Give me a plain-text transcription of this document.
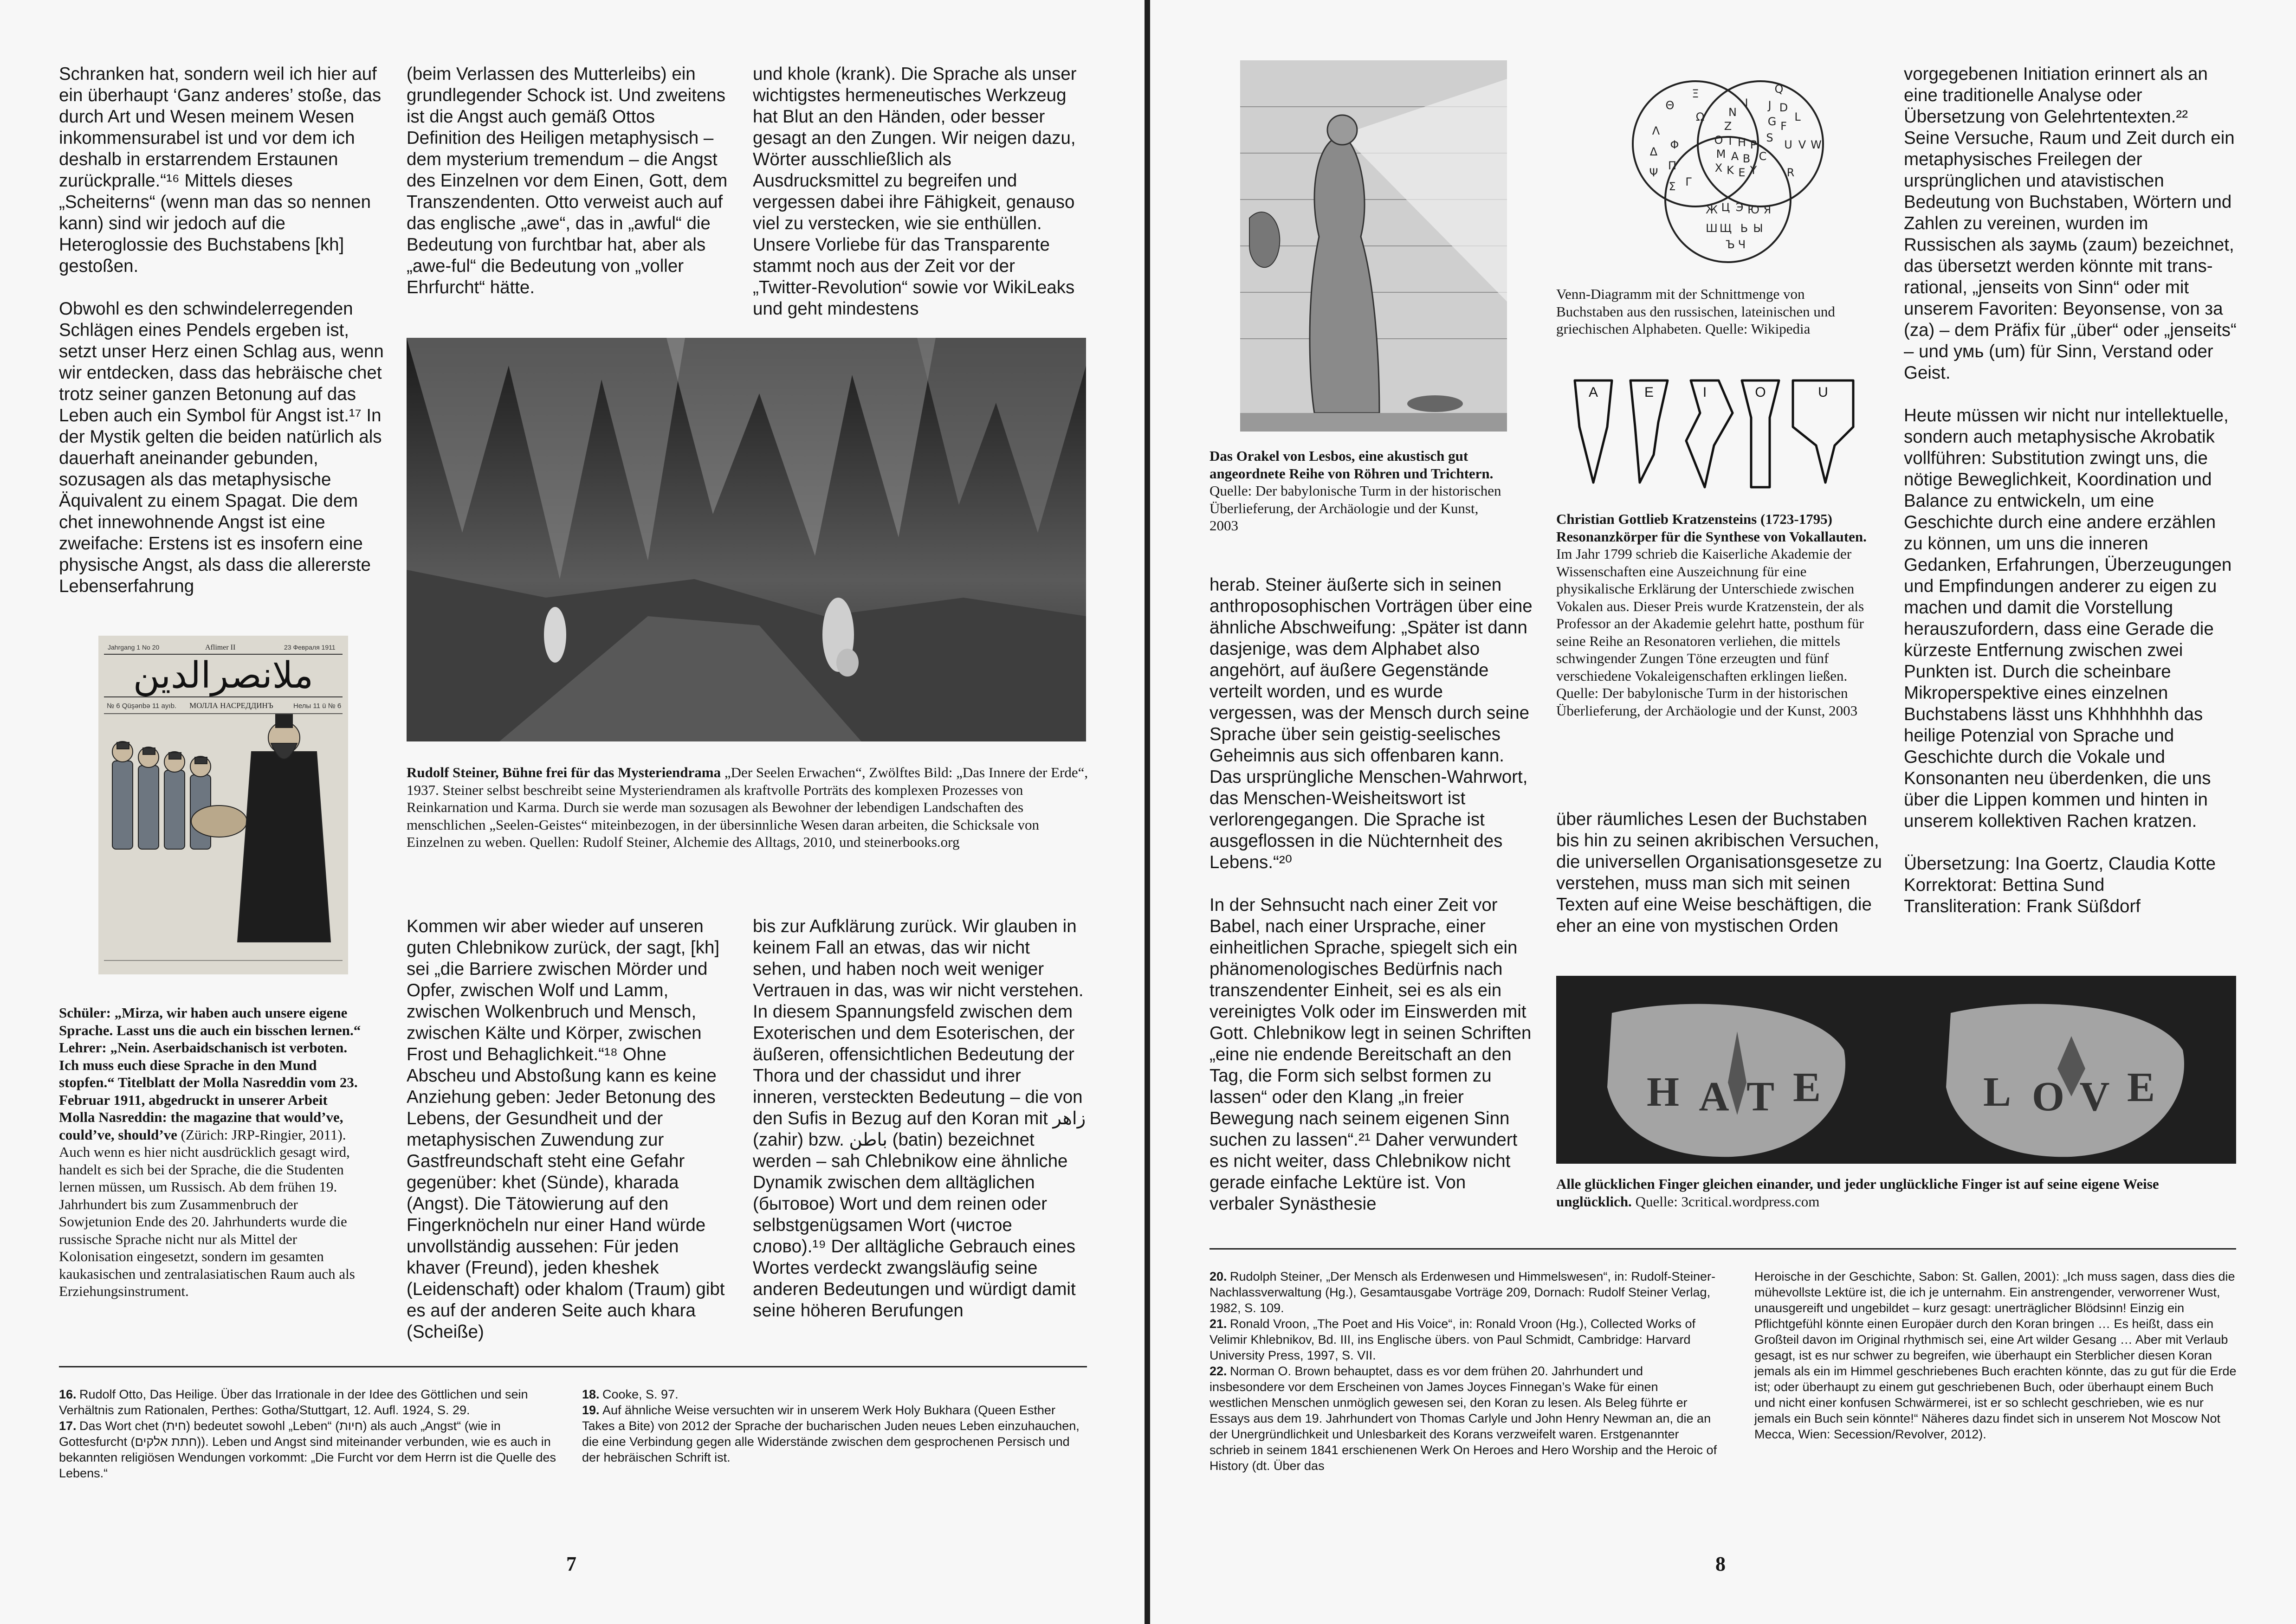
Schranken hat, sondern weil ich hier auf ein überhaupt ‘Ganz anderes’ stoße, das durch Art und Wesen meinem Wesen inkommensurabel ist und vor dem ich deshalb in erstarrendem Erstaunen zurückpralle.“¹⁶ Mittels dieses „Scheiterns“ (wenn man das so nennen kann) sind wir jedoch auf die Heteroglossie des Buchstabens [kh] gestoßen.

Obwohl es den schwindelerregenden Schlägen eines Pendels ergeben ist, setzt unser Herz einen Schlag aus, wenn wir entdecken, dass das hebräische chet trotz seiner ganzen Betonung auf das Leben auch ein Symbol für Angst ist.¹⁷ In der Mystik gelten die beiden natürlich als dauerhaft aneinander gebunden, sozusagen als das metaphysische Äquivalent zu einem Spagat. Die dem chet innewohnende Angst ist eine zweifache: Erstens ist es insofern eine physische Angst, als dass die allererste Lebenserfahrung

(beim Verlassen des Mutterleibs) ein grundlegender Schock ist. Und zweitens ist die Angst auch gemäß Ottos Definition des Heiligen metaphysisch – dem mysterium tremendum – die Angst des Einzelnen vor dem Einen, Gott, dem Transzendenten. Otto verweist auch auf das englische „awe“, das in „awful“ die Bedeutung von furchtbar hat, aber als „awe-ful“ die Bedeutung von „voller Ehrfurcht“ hätte.

und khole (krank). Die Sprache als unser wichtigstes hermeneutisches Werkzeug hat Blut an den Händen, oder besser gesagt an den Zungen. Wir neigen dazu, Wörter ausschließlich als Ausdrucksmittel zu begreifen und vergessen dabei ihre Fähigkeit, genauso viel zu verstecken, wie sie enthüllen. Unsere Vorliebe für das Transparente stammt noch aus der Zeit vor der „Twitter-Revolution“ sowie vor WikiLeaks und geht mindestens

Jahrgang 1 No 20	Aflimer II	23 Февраля 1911
ملانصرالدين
№ 6 Qüşənbə 11 ayıb. МОЛЛА НАСРЕДДИНЪ	Нелы 11 ü № 6

Schüler: „Mirza, wir haben auch unsere eigene Sprache. Lasst uns die auch ein bisschen lernen.“ Lehrer: „Nein. Aserbaidschanisch ist verboten. Ich muss euch diese Sprache in den Mund stopfen.“ Titelblatt der Molla Nasreddin vom 23. Februar 1911, abgedruckt in unserer Arbeit Molla Nasreddin: the magazine that would’ve, could’ve, should’ve (Zürich: JRP-Ringier, 2011). Auch wenn es hier nicht ausdrücklich gesagt wird, handelt es sich bei der Sprache, die die Studenten lernen müssen, um Russisch. Ab dem frühen 19. Jahrhundert bis zum Zusammenbruch der Sowjetunion Ende des 20. Jahrhunderts wurde die russische Sprache nicht nur als Mittel der Kolonisation eingesetzt, sondern im gesamten kaukasischen und zentralasiatischen Raum auch als Erziehungsinstrument.

Rudolf Steiner, Bühne frei für das Mysteriendrama „Der Seelen Erwachen“, Zwölftes Bild: „Das Innere der Erde“, 1937. Steiner selbst beschreibt seine Mysteriendramen als kraftvolle Porträts des komplexen Prozesses von Reinkarnation und Karma. Durch sie werde man sozusagen als Bewohner der lebendigen Landschaften des menschlichen „Seelen-Geistes“ miteinbezogen, in der übersinnliche Wesen daran arbeiten, die Schicksale von Einzelnen zu weben. Quellen: Rudolf Steiner, Alchemie des Alltags, 2010, und steinerbooks.org

Kommen wir aber wieder auf unseren guten Chlebnikow zurück, der sagt, [kh] sei „die Barriere zwischen Mörder und Opfer, zwischen Wolf und Lamm, zwischen Wolkenbruch und Mensch, zwischen Kälte und Körper, zwischen Frost und Behaglichkeit.“¹⁸ Ohne Abscheu und Abstoßung kann es keine Anziehung geben: Jeder Betonung des Lebens, der Gesundheit und der metaphysischen Zuwendung zur Gastfreundschaft steht eine Gefahr gegenüber: khet (Sünde), kharada (Angst). Die Tätowierung auf den Fingerknöcheln nur einer Hand würde unvollständig aussehen: Für jeden khaver (Freund), jeden kheshek (Leidenschaft) oder khalom (Traum) gibt es auf der anderen Seite auch khara (Scheiße)

bis zur Aufklärung zurück. Wir glauben in keinem Fall an etwas, das wir nicht sehen, und haben noch weit weniger Vertrauen in das, was wir nicht verstehen. In diesem Spannungsfeld zwischen dem Exoterischen und dem Esoterischen, der äußeren, offensichtlichen Bedeutung der Thora und der chassidut und ihrer inneren, versteckten Bedeutung – die von den Sufis in Bezug auf den Koran mit زاهر (zahir) bzw. باطن (batin) bezeichnet werden – sah Chlebnikow eine ähnliche Dynamik zwischen dem alltäglichen (бытовое) Wort und dem reinen oder selbstgenügsamen Wort (чистое слово).¹⁹ Der alltägliche Gebrauch eines Wortes verdeckt zwangsläufig seine anderen Bedeutungen und würdigt damit seine höheren Berufungen

16. Rudolf Otto, Das Heilige. Über das Irrationale in der Idee des Göttlichen und sein Verhältnis zum Rationalen, Perthes: Gotha/Stuttgart, 12. Aufl. 1924, S. 29.

17. Das Wort chet (חית) bedeutet sowohl „Leben“ (חיות) als auch „Angst“ (wie in Gottesfurcht (חתת אלקים)). Leben und Angst sind miteinander verbunden, wie es auch in bekannten religiösen Wendungen vorkommt: „Die Furcht vor dem Herrn ist die Quelle des Lebens.“

18. Cooke, S. 97.

19. Auf ähnliche Weise versuchten wir in unserem Werk Holy Bukhara (Queen Esther Takes a Bite) von 2012 der Sprache der bucharischen Juden neues Leben einzuhauchen, die eine Verbindung gegen alle Widerstände zwischen dem gesprochenen Persisch und der hebräischen Schrift ist.

7

Das Orakel von Lesbos, eine akustisch gut angeordnete Reihe von Röhren und Trichtern. Quelle: Der babylonische Turm in der historischen Überlieferung, der Archäologie und der Kunst, 2003

Θ
Ξ
Λ
Δ
Φ
Ψ
Π
Γ
Σ
Ω
Q
J D
L
G F
S
U V W
R
I
N
Z
O T H P
M A B
X K E Y
C
Ж
Ш Щ
Ю Я
Э
Ы
Ь
Ъ
Ц
Ч

Venn-Diagramm mit der Schnittmenge von Buchstaben aus den russischen, lateinischen und griechischen Alphabeten. Quelle: Wikipedia

A	E	I	O	U

Christian Gottlieb Kratzensteins (1723-1795) Resonanzkörper für die Synthese von Vokallauten. Im Jahr 1799 schrieb die Kaiserliche Akademie der Wissenschaften eine Auszeichnung für eine physikalische Erklärung der Unterschiede zwischen Vokalen aus. Dieser Preis wurde Kratzenstein, der als Professor an der Akademie gelehrt hatte, posthum für seine Reihe an Resonatoren verliehen, die mittels schwingender Zungen Töne erzeugten und fünf verschiedene Vokaleigenschaften erklingen ließen. Quelle: Der babylonische Turm in der historischen Überlieferung, der Archäologie und der Kunst, 2003

herab. Steiner äußerte sich in seinen anthroposophischen Vorträgen über eine ähnliche Abschweifung: „Später ist dann dasjenige, was dem Alphabet also angehört, auf äußere Gegenstände verteilt worden, und es wurde vergessen, was der Mensch durch seine Sprache über sein geistig-seelisches Geheimnis aus sich offenbaren kann. Das ursprüngliche Menschen-Wahrwort, das Menschen-Weisheitswort ist verlorengegangen. Die Sprache ist ausgeflossen in die Nüchternheit des Lebens.“²⁰

In der Sehnsucht nach einer Zeit vor Babel, nach einer Ursprache, einer einheitlichen Sprache, spiegelt sich ein phänomenologisches Bedürfnis nach transzendenter Einheit, sei es als ein vereinigtes Volk oder im Einswerden mit Gott. Chlebnikow legt in seinen Schriften „eine nie endende Bereitschaft an den Tag, die Form sich selbst formen zu lassen“ oder den Klang „in freier Bewegung nach seinem eigenen Sinn suchen zu lassen“.²¹ Daher verwundert es nicht weiter, dass Chlebnikow nicht gerade einfache Lektüre ist. Von verbaler Synästhesie

über räumliches Lesen der Buchstaben bis hin zu seinen akribischen Versuchen, die universellen Organisationsgesetze zu verstehen, muss man sich mit seinen Texten auf eine Weise beschäftigen, die eher an eine von mystischen Orden

vorgegebenen Initiation erinnert als an eine traditionelle Analyse oder Übersetzung von Gelehrtentexten.²² Seine Versuche, Raum und Zeit durch ein metaphysisches Freilegen der ursprünglichen und atavistischen Bedeutung von Buchstaben, Wörtern und Zahlen zu vereinen, wurden im Russischen als заумь (zaum) bezeichnet, das übersetzt werden könnte mit trans-rational, „jenseits von Sinn“ oder mit unserem Favoriten: Beyonsense, von за (za) – dem Präfix für „über“ oder „jenseits“ – und умь (um) für Sinn, Verstand oder Geist.

Heute müssen wir nicht nur intellektuelle, sondern auch metaphysische Akrobatik vollführen: Substitution zwingt uns, die nötige Beweglichkeit, Koordination und Balance zu entwickeln, um eine Geschichte durch eine andere erzählen zu können, um uns die inneren Gedanken, Erfahrungen, Überzeugungen und Empfindungen anderer zu eigen zu machen und damit die Vorstellung herauszufordern, dass eine Gerade die kürzeste Entfernung zwischen zwei Punkten ist. Durch die scheinbare Mikroperspektive eines einzelnen Buchstabens lässt uns Khhhhhhh das heilige Potenzial von Sprache und Geschichte durch die Vokale und Konsonanten neu überdenken, die uns über die Lippen kommen und hinten in unserem kollektiven Rachen kratzen.

Übersetzung: Ina Goertz, Claudia Kotte

Korrektorat: Bettina Sund

Transliteration: Frank Süßdorf

H A T E	L O V E

Alle glücklichen Finger gleichen einander, und jeder unglückliche Finger ist auf seine eigene Weise unglücklich. Quelle: 3critical.wordpress.com

20. Rudolph Steiner, „Der Mensch als Erdenwesen und Himmelswesen“, in: Rudolf-Steiner-Nachlassverwaltung (Hg.), Gesamtausgabe Vorträge 209, Dornach: Rudolf Steiner Verlag, 1982, S. 109.

21. Ronald Vroon, „The Poet and His Voice“, in: Ronald Vroon (Hg.), Collected Works of Velimir Khlebnikov, Bd. III, ins Englische übers. von Paul Schmidt, Cambridge: Harvard University Press, 1997, S. VII.

22. Norman O. Brown behauptet, dass es vor dem frühen 20. Jahrhundert und insbesondere vor dem Erscheinen von James Joyces Finnegan’s Wake für einen westlichen Menschen unmöglich gewesen sei, den Koran zu lesen. Als Beleg führte er Essays aus dem 19. Jahrhundert von Thomas Carlyle und John Henry Newman an, die an der Unergründlichkeit und Unlesbarkeit des Korans verzweifelt waren. Erstgenannter schrieb in seinem 1841 erschienenen Werk On Heroes and Hero Worship and the Heroic of History (dt. Über das

Heroische in der Geschichte, Sabon: St. Gallen, 2001): „Ich muss sagen, dass dies die mühevollste Lektüre ist, die ich je unternahm. Ein anstrengender, verworrener Wust, unausgereift und ungebildet – kurz gesagt: unerträglicher Blödsinn! Einzig ein Pflichtgefühl könnte einen Europäer durch den Koran bringen … Es heißt, dass ein Großteil davon im Original rhythmisch sei, eine Art wilder Gesang … Aber mit Verlaub gesagt, ist es nur schwer zu begreifen, wie überhaupt ein Sterblicher diesen Koran jemals als ein im Himmel geschriebenes Buch erachten könnte, das zu gut für die Erde ist; oder überhaupt zu einem gut geschriebenen Buch, oder überhaupt einem Buch und nicht einer konfusen Schwärmerei, ist er so schlecht geschrieben, wie es nur jemals ein Buch sein könnte!“ Näheres dazu findet sich in unserem Not Moscow Not Mecca, Wien: Secession/Revolver, 2012).

8
